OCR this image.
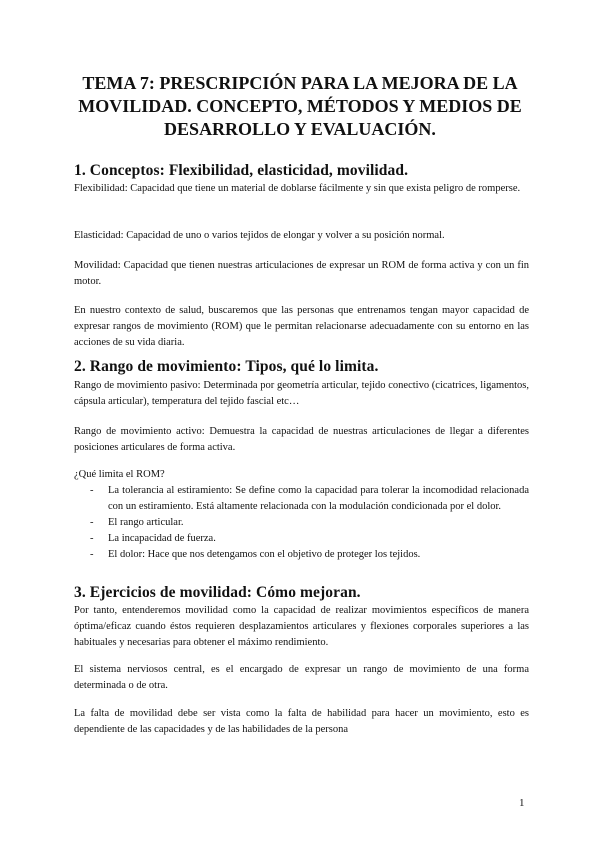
TEMA 7: PRESCRIPCIÓN PARA LA MEJORA DE LA MOVILIDAD. CONCEPTO, MÉTODOS Y MEDIOS DE DESARROLLO Y EVALUACIÓN.
1. Conceptos: Flexibilidad, elasticidad, movilidad.

Flexibilidad: Capacidad que tiene un material de doblarse fácilmente y sin que exista peligro de romperse.

Elasticidad: Capacidad de uno o varios tejidos de elongar y volver a su posición normal.

Movilidad: Capacidad que tienen nuestras articulaciones de expresar un ROM de forma activa y con un fin motor.

En nuestro contexto de salud, buscaremos que las personas que entrenamos tengan mayor capacidad de expresar rangos de movimiento (ROM) que le permitan relacionarse adecuadamente con su entorno en las acciones de su vida diaria.

2. Rango de movimiento: Tipos, qué lo limita.

Rango de movimiento pasivo: Determinada por geometría articular, tejido conectivo (cicatrices, ligamentos, cápsula articular), temperatura del tejido fascial etc…

Rango de movimiento activo: Demuestra la capacidad de nuestras articulaciones de llegar a diferentes posiciones articulares de forma activa.

¿Qué limita el ROM?

- La tolerancia al estiramiento: Se define como la capacidad para tolerar la incomodidad relacionada con un estiramiento. Está altamente relacionada con la modulación condicionada por el dolor.
- El rango articular.
- La incapacidad de fuerza.
- El dolor: Hace que nos detengamos con el objetivo de proteger los tejidos.
3. Ejercicios de movilidad: Cómo mejoran.

Por tanto, entenderemos movilidad como la capacidad de realizar movimientos específicos de manera óptima/eficaz cuando éstos requieren desplazamientos articulares y flexiones corporales superiores a las habituales y necesarias para obtener el máximo rendimiento.

El sistema nerviosos central, es el encargado de expresar un rango de movimiento de una forma determinada o de otra.

La falta de movilidad debe ser vista como la falta de habilidad para hacer un movimiento, esto es dependiente de las capacidades y de las habilidades de la persona

1
